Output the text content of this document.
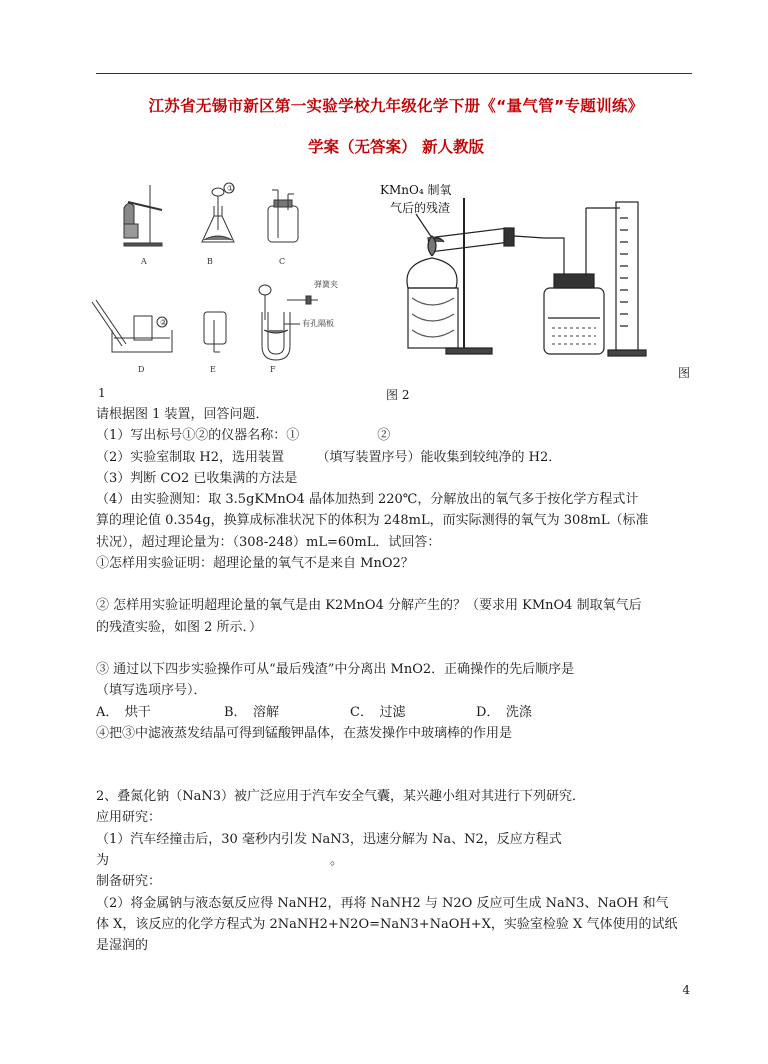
江苏省无锡市新区第一实验学校九年级化学下册《“量气管”专题训练》
学案（无答案） 新人教版
A
①
B	C
②
D	E
弹簧夹
有孔隔板
F
KMnO₄ 制氧
气后的残渣
图
1	图 2

请根据图 1 装置，回答问题．

（1）写出标号①②的仪器名称：①　　　　　　②

（2）实验室制取 H2，选用装置　　　（填写装置序号）能收集到较纯净的 H2．

（3）判断 CO2 已收集满的方法是

（4）由实验测知：取 3.5gKMnO4 晶体加热到 220℃，分解放出的氧气多于按化学方程式计

算的理论值 0.354g，换算成标准状况下的体积为 248mL，而实际测得的氧气为 308mL（标准

状况），超过理论量为：（308-248）mL=60mL．试回答：

①怎样用实验证明：超理论量的氧气不是来自 MnO2？

② 怎样用实验证明超理论量的氧气是由 K2MnO4 分解产生的？（要求用 KMnO4 制取氧气后

的残渣实验，如图 2 所示．）

③ 通过以下四步实验操作可从“最后残渣”中分离出 MnO2．正确操作的先后顺序是

（填写选项序号）．

A．　烘干	B．　溶解	C．　过滤	D．　洗涤

④把③中滤液蒸发结晶可得到锰酸钾晶体，在蒸发操作中玻璃棒的作用是

2、叠氮化钠（NaN3）被广泛应用于汽车安全气囊，某兴趣小组对其进行下列研究．

应用研究：

（1）汽车经撞击后，30 毫秒内引发 NaN3，迅速分解为 Na、N2，反应方程式

为　　　　　　　　　　　　　　　　　。

制备研究：

（2）将金属钠与液态氨反应得 NaNH2，再将 NaNH2 与 N2O 反应可生成 NaN3、NaOH 和气

体 X，该反应的化学方程式为 2NaNH2+N2O=NaN3+NaOH+X，实验室检验 X 气体使用的试纸

是湿润的

4
